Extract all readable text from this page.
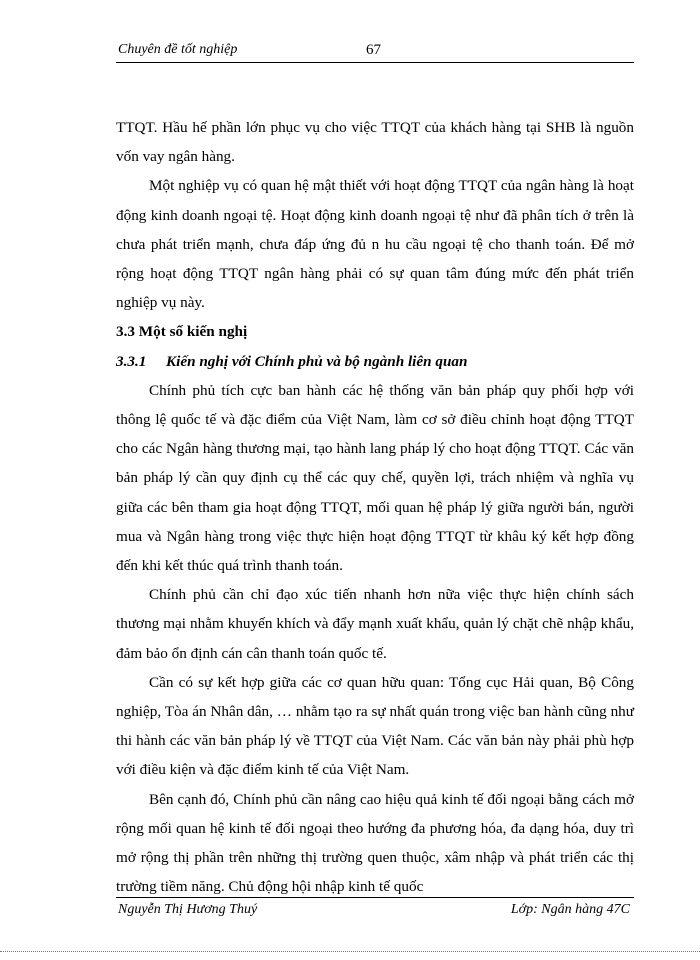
Chuyên đề tốt nghiệp	67

TTQT. Hầu hế phần lớn phục vụ cho việc TTQT của khách hàng tại SHB là nguồn vốn vay ngân hàng.

Một nghiệp vụ có quan hệ mật thiết với hoạt động TTQT của ngân hàng là hoạt động kinh doanh ngoại tệ. Hoạt động kinh doanh ngoại tệ như đã phân tích ở trên là chưa phát triển mạnh, chưa đáp ứng đủ n hu cầu ngoại tệ cho thanh toán. Để mở rộng hoạt động TTQT ngân hàng phải có sự quan tâm đúng mức đến phát triển nghiệp vụ này.

3.3 Một số kiến nghị

3.3.1 Kiến nghị với Chính phủ và bộ ngành liên quan

Chính phủ tích cực ban hành các hệ thống văn bản pháp quy phối hợp với thông lệ quốc tế và đặc điểm của Việt Nam, làm cơ sở điều chỉnh hoạt động TTQT cho các Ngân hàng thương mại, tạo hành lang pháp lý cho hoạt động TTQT. Các văn bản pháp lý cần quy định cụ thể các quy chế, quyền lợi, trách nhiệm và nghĩa vụ giữa các bên tham gia hoạt động TTQT, mối quan hệ pháp lý giữa người bán, người mua và Ngân hàng trong việc thực hiện hoạt động TTQT từ khâu ký kết hợp đồng đến khi kết thúc quá trình thanh toán.

Chính phủ cần chỉ đạo xúc tiến nhanh hơn nữa việc thực hiện chính sách thương mại nhằm khuyến khích và đẩy mạnh xuất khẩu, quản lý chặt chẽ nhập khẩu, đảm bảo ổn định cán cân thanh toán quốc tế.

Cần có sự kết hợp giữa các cơ quan hữu quan: Tổng cục Hải quan, Bộ Công nghiệp, Tòa án Nhân dân, … nhằm tạo ra sự nhất quán trong việc ban hành cũng như thi hành các văn bản pháp lý về TTQT của Việt Nam. Các văn bản này phải phù hợp với điều kiện và đặc điểm kinh tế của Việt Nam.

Bên cạnh đó, Chính phủ cần nâng cao hiệu quả kinh tế đối ngoại bằng cách mở rộng mối quan hệ kinh tế đối ngoại theo hướng đa phương hóa, đa dạng hóa, duy trì mở rộng thị phần trên những thị trường quen thuộc, xâm nhập và phát triển các thị trường tiềm năng. Chủ động hội nhập kinh tế quốc

Nguyễn Thị Hương Thuý	Lớp: Ngân hàng 47C
